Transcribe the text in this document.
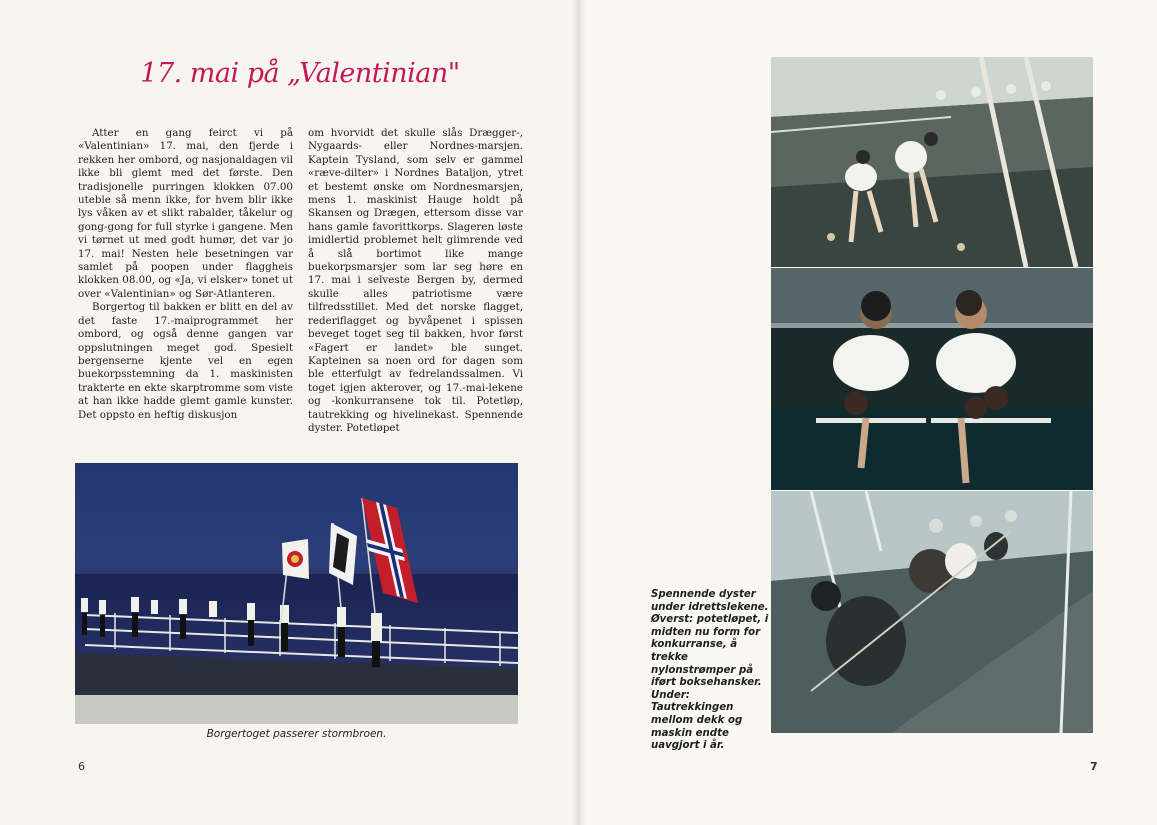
17. mai på „Valentinian"

Atter en gang feirct vi på «Valentinian» 17. mai, den fjerde i rekken her ombord, og nasjonaldagen vil ikke bli glemt med det første. Den tradisjonelle purringen klokken 07.00 uteble så menn ikke, for hvem blir ikke lys våken av et slikt rabalder, tåkelur og gong-gong for full styrke i gangene. Men vi tørnet ut med godt humør, det var jo 17. mai! Nesten hele besetningen var samlet på poopen under flaggheis klokken 08.00, og «Ja, vi elsker» tonet ut over «Valentinian» og Sør-Atlanteren.

Borgertog til bakken er blitt en del av det faste 17.-maiprogrammet her ombord, og også denne gangen var oppslutningen meget god. Spesielt bergenserne kjente vel en egen buekorpsstemning da 1. maskinisten trakterte en ekte skarptromme som viste at han ikke hadde glemt gamle kunster. Det oppsto en heftig diskusjon

om hvorvidt det skulle slås Drægger-, Nygaards- eller Nordnes-marsjen. Kaptein Tysland, som selv er gammel «ræve-dilter» i Nordnes Bataljon, ytret et bestemt ønske om Nordnesmarsjen, mens 1. maskinist Hauge holdt på Skansen og Drægen, ettersom disse var hans gamle favorittkorps. Slageren løste imidlertid problemet helt glimrende ved å slå bortimot like mange buekorpsmarsjer som lar seg høre en 17. mai i selveste Bergen by, dermed skulle alles patriotisme være tilfredsstillet. Med det norske flagget, rederiflagget og byvåpenet i spissen beveget toget seg til bakken, hvor først «Fagert er landet» ble sunget. Kapteinen sa noen ord for dagen som ble etterfulgt av fedrelandssalmen. Vi toget igjen akterover, og 17.-mai-lekene og -konkurransene tok til. Potetløp, tautrekking og hivelinekast. Spennende dyster. Potetløpet

Borgertoget passerer stormbroen.
6
Spennende dyster under idrettslekene. Øverst: potetløpet, i midten nu form for konkurranse, å trekke nylonstrømper på iført boksehansker. Under: Tautrekkingen mellom dekk og maskin endte uavgjort i år.
7
